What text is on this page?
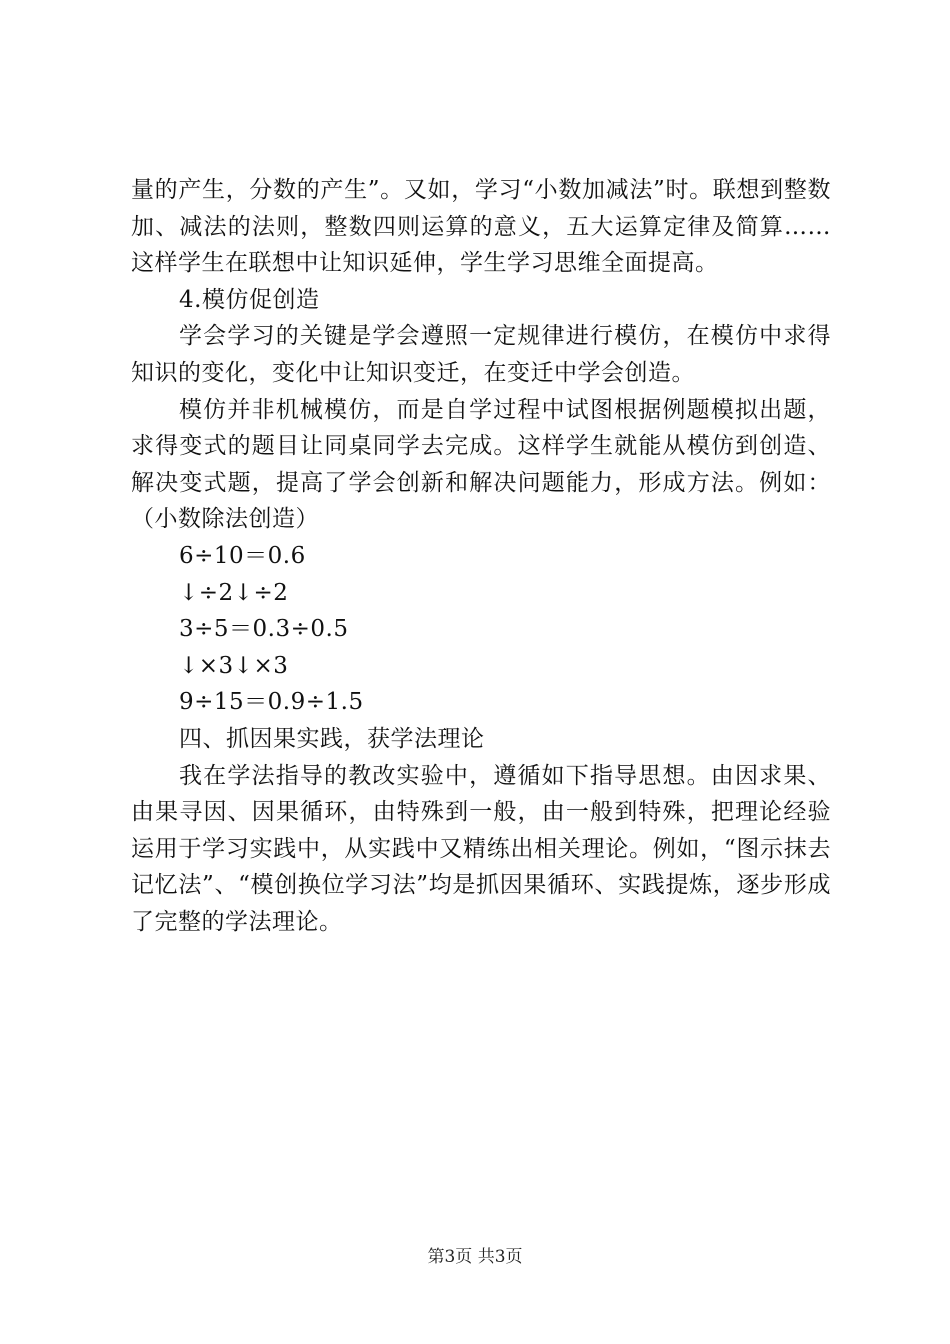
量的产生，分数的产生”。又如，学习“小数加减法”时。联想到整数加、减法的法则，整数四则运算的意义，五大运算定律及简算……这样学生在联想中让知识延伸，学生学习思维全面提高。

4.模仿促创造

学会学习的关键是学会遵照一定规律进行模仿，在模仿中求得知识的变化，变化中让知识变迁，在变迁中学会创造。

模仿并非机械模仿，而是自学过程中试图根据例题模拟出题，求得变式的题目让同桌同学去完成。这样学生就能从模仿到创造、解决变式题，提高了学会创新和解决问题能力，形成方法。例如：（小数除法创造）

6÷10＝0.6

↓÷2↓÷2

3÷5＝0.3÷0.5

↓×3↓×3

9÷15＝0.9÷1.5

四、抓因果实践，获学法理论

我在学法指导的教改实验中，遵循如下指导思想。由因求果、由果寻因、因果循环，由特殊到一般，由一般到特殊，把理论经验运用于学习实践中，从实践中又精练出相关理论。例如，“图示抹去记忆法”、“模创换位学习法”均是抓因果循环、实践提炼，逐步形成了完整的学法理论。

第3页 共3页
